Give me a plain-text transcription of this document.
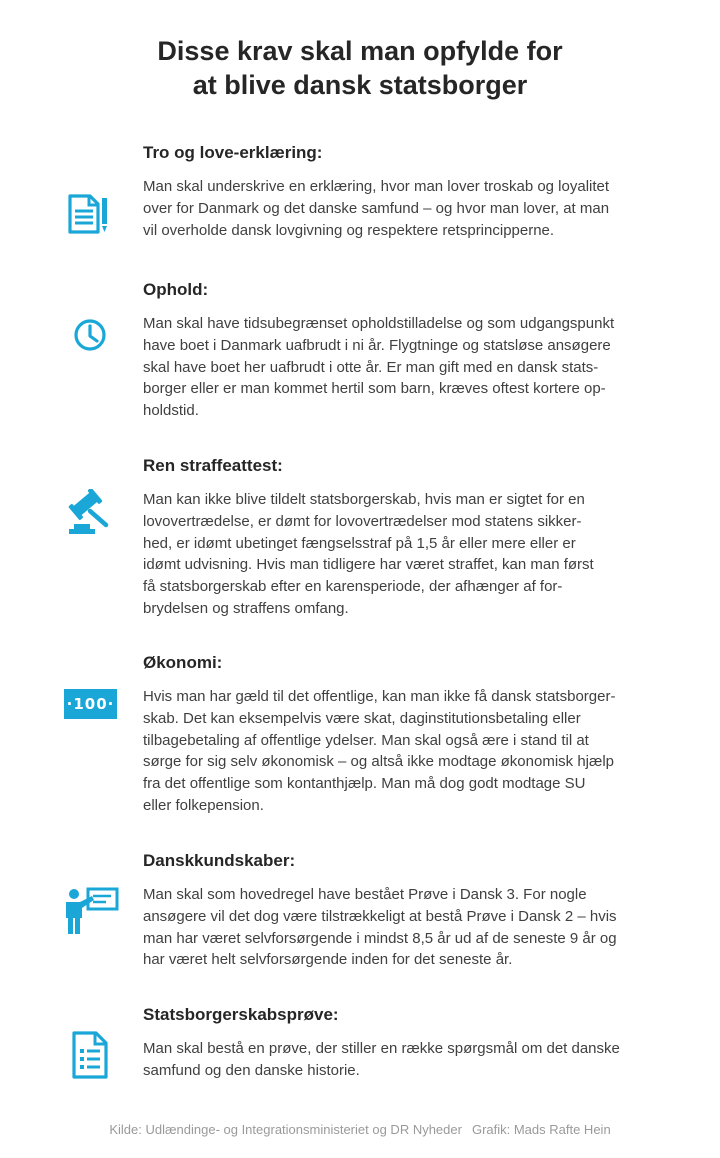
Disse krav skal man opfylde for
at blive dansk statsborger
Tro og love-erklæring:
Man skal underskrive en erklæring, hvor man lover troskab og loyalitet
over for Danmark og det danske samfund – og hvor man lover, at man
vil overholde dansk lovgivning og respektere retsprincipperne.
Ophold:
Man skal have tidsubegrænset opholdstilladelse og som udgangspunkt
have boet i Danmark uafbrudt i ni år. Flygtninge og statsløse ansøgere
skal have boet her uafbrudt i otte år. Er man gift med en dansk stats-
borger eller er man kommet hertil som barn, kræves oftest kortere op-
holdstid.
Ren straffeattest:
Man kan ikke blive tildelt statsborgerskab, hvis man er sigtet for en
lovovertrædelse, er dømt for lovovertrædelser mod statens sikker-
hed, er idømt ubetinget fængselsstraf på 1,5 år eller mere eller er
idømt udvisning. Hvis man tidligere har været straffet, kan man først
få statsborgerskab efter en karensperiode, der afhænger af for-
brydelsen og straffens omfang.
Økonomi:
·100· Hvis man har gæld til det offentlige, kan man ikke få dansk statsborger-
skab. Det kan eksempelvis være skat, daginstitutionsbetaling eller
tilbagebetaling af offentlige ydelser. Man skal også ære i stand til at
sørge for sig selv økonomisk – og altså ikke modtage økonomisk hjælp
fra det offentlige som kontanthjælp. Man må dog godt modtage SU
eller folkepension.
Danskkundskaber:
Man skal som hovedregel have bestået Prøve i Dansk 3. For nogle
ansøgere vil det dog være tilstrækkeligt at bestå Prøve i Dansk 2 – hvis
man har været selvforsørgende i mindst 8,5 år ud af de seneste 9 år og
har været helt selvforsørgende inden for det seneste år.
Statsborgerskabsprøve:
Man skal bestå en prøve, der stiller en række spørgsmål om det danske
samfund og den danske historie.
Kilde: Udlændinge- og Integrationsministeriet og DR Nyheder Grafik: Mads Rafte Hein
